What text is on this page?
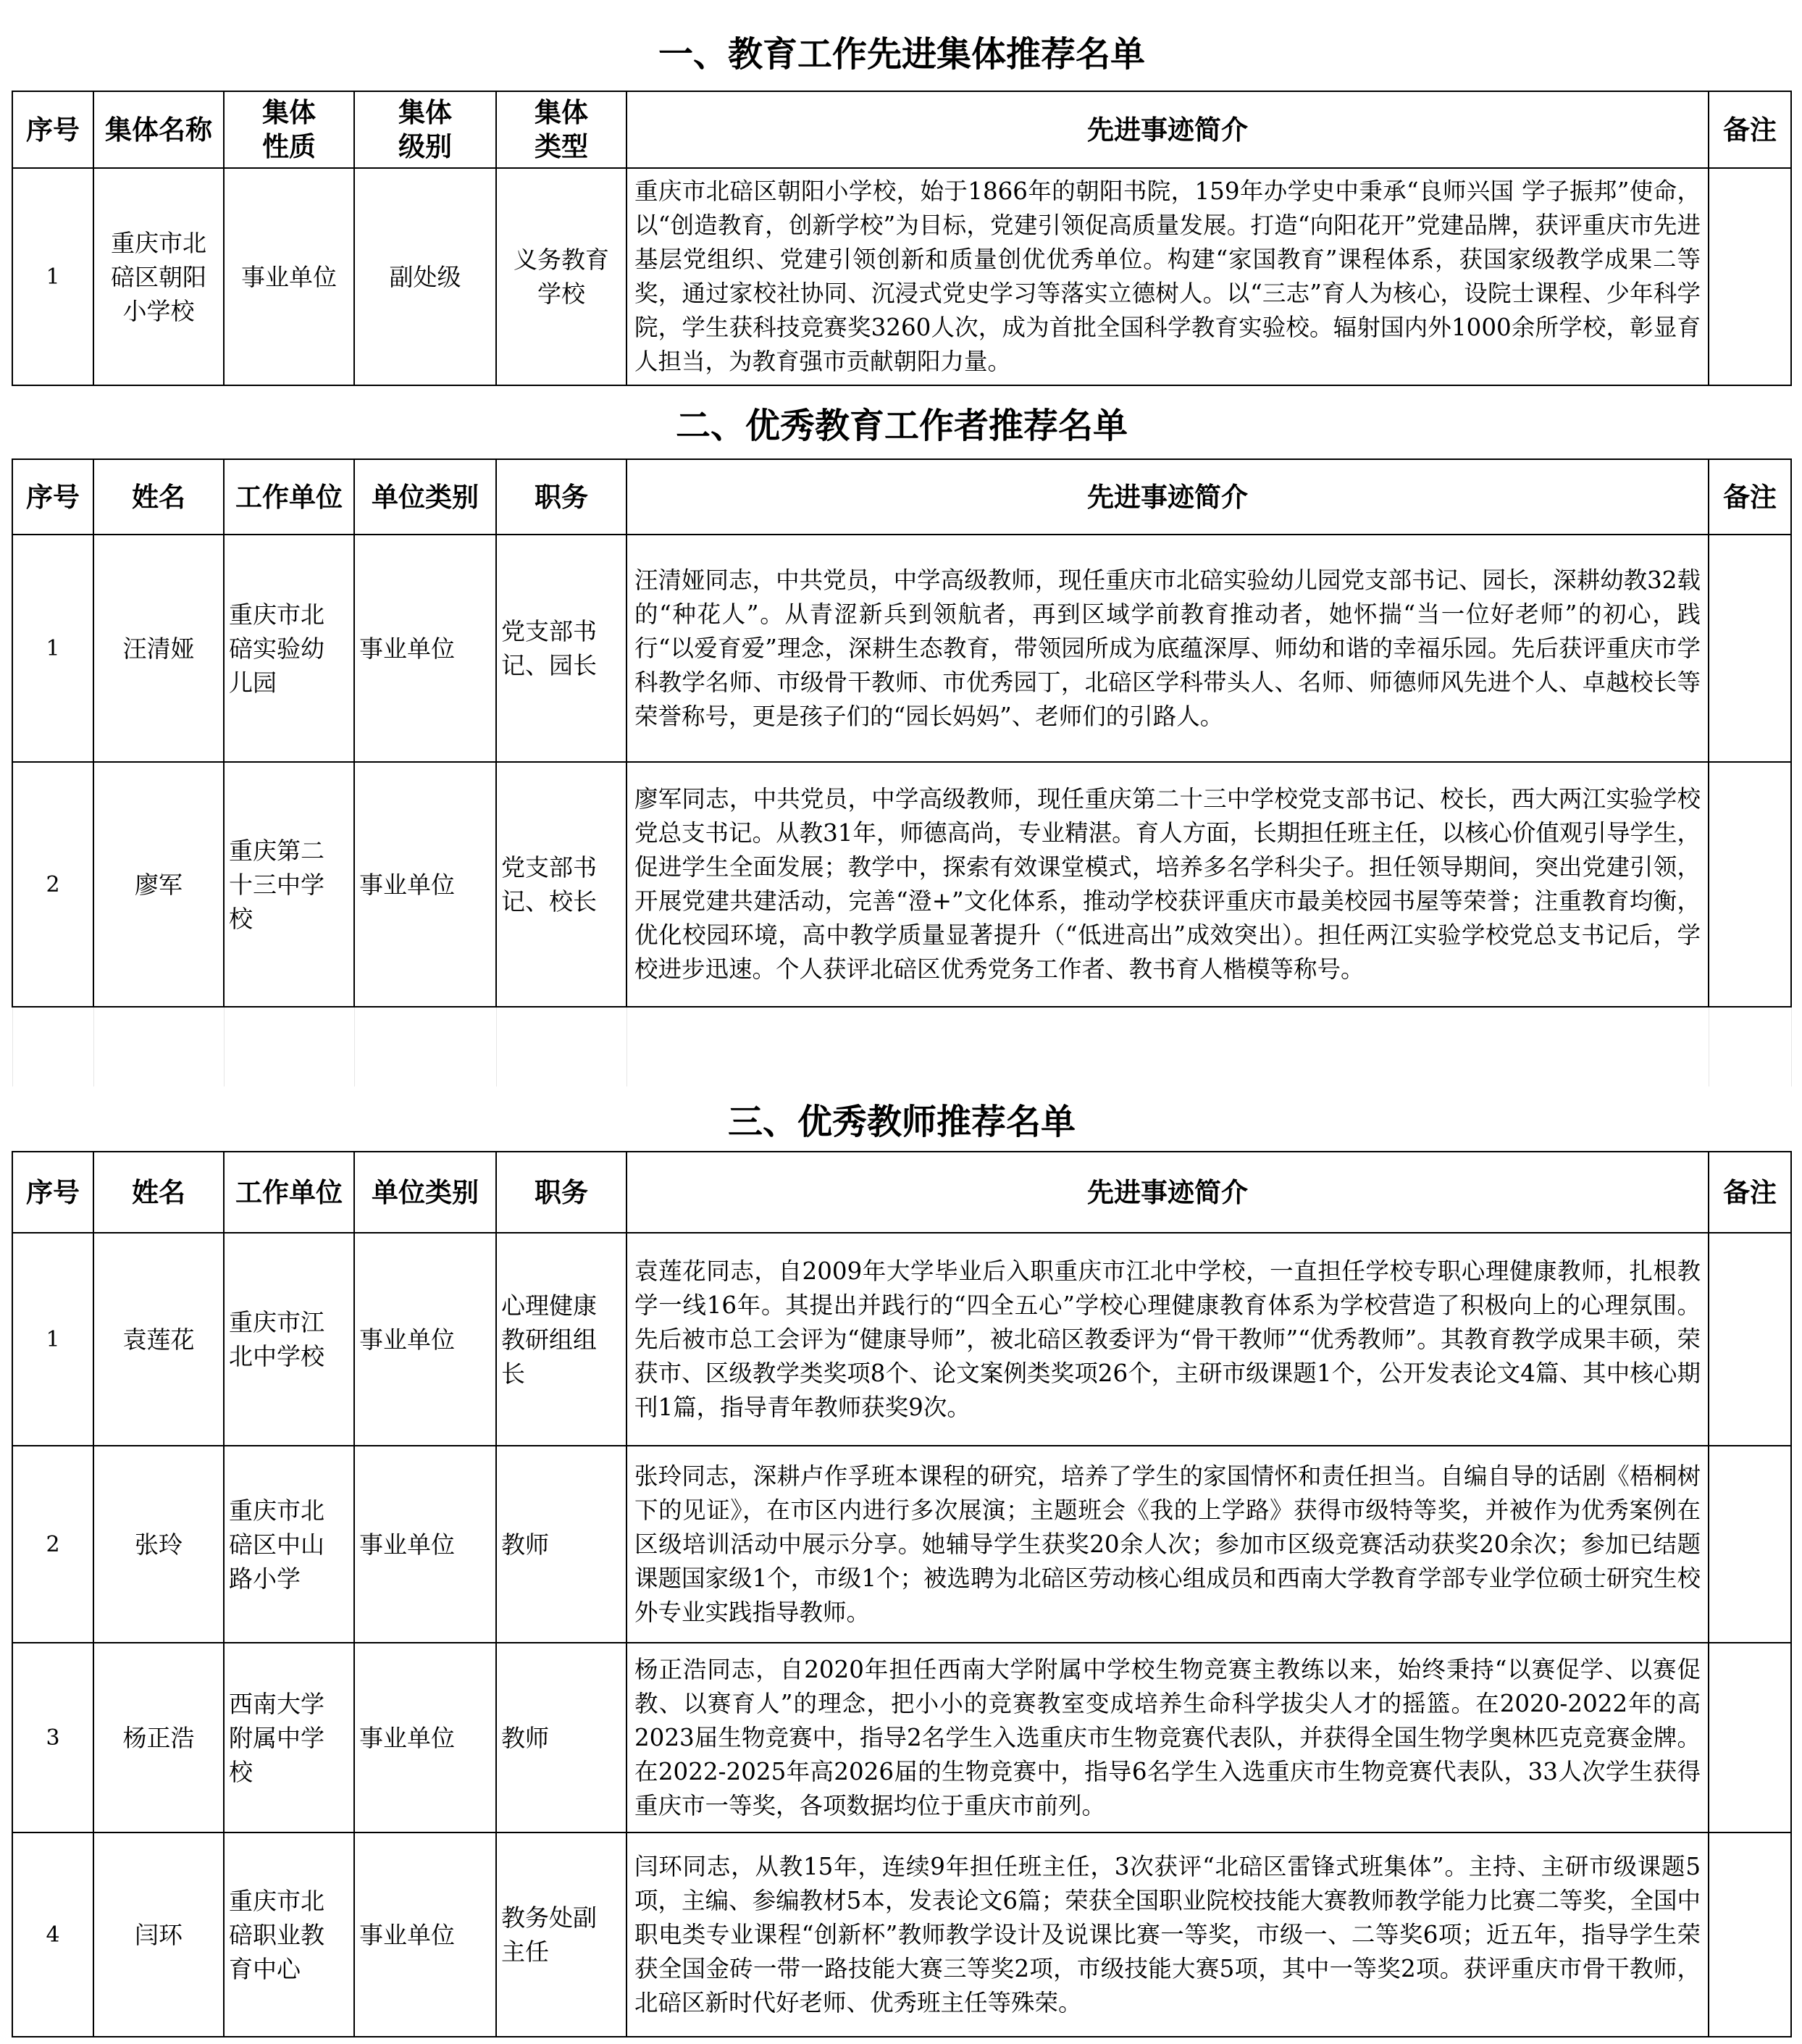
一、教育工作先进集体推荐名单						
序号	集体名称	集体性质	集体级别	集体类型	先进事迹简介	备注
1	重庆市北碚区朝阳小学校	事业单位	副处级	义务教育学校	重庆市北碚区朝阳小学校，始于1866年的朝阳书院，159年办学史中秉承“良师兴国 学子振邦”使命，以“创造教育，创新学校”为目标，党建引领促高质量发展。打造“向阳花开”党建品牌，获评重庆市先进基层党组织、党建引领创新和质量创优优秀单位。构建“家国教育”课程体系，获国家级教学成果二等奖，通过家校社协同、沉浸式党史学习等落实立德树人。以“三志”育人为核心，设院士课程、少年科学院，学生获科技竞赛奖3260人次，成为首批全国科学教育实验校。辐射国内外1000余所学校，彰显育人担当，为教育强市贡献朝阳力量。	
二、优秀教育工作者推荐名单						
序号	姓名	工作单位	单位类别	职务	先进事迹简介	备注
1	汪清娅	重庆市北碚实验幼儿园	事业单位	党支部书记、园长	汪清娅同志，中共党员，中学高级教师，现任重庆市北碚实验幼儿园党支部书记、园长，深耕幼教32载的“种花人”。从青涩新兵到领航者，再到区域学前教育推动者，她怀揣“当一位好老师”的初心，践行“以爱育爱”理念，深耕生态教育，带领园所成为底蕴深厚、师幼和谐的幸福乐园。先后获评重庆市学科教学名师、市级骨干教师、市优秀园丁，北碚区学科带头人、名师、师德师风先进个人、卓越校长等荣誉称号，更是孩子们的“园长妈妈”、老师们的引路人。	
2	廖军	重庆第二十三中学校	事业单位	党支部书记、校长	廖军同志，中共党员，中学高级教师，现任重庆第二十三中学校党支部书记、校长，西大两江实验学校党总支书记。从教31年，师德高尚，专业精湛。育人方面，长期担任班主任，以核心价值观引导学生，促进学生全面发展；教学中，探索有效课堂模式，培养多名学科尖子。担任领导期间，突出党建引领，开展党建共建活动，完善“澄+”文化体系，推动学校获评重庆市最美校园书屋等荣誉；注重教育均衡，优化校园环境，高中教学质量显著提升（“低进高出”成效突出）。担任两江实验学校党总支书记后，学校进步迅速。个人获评北碚区优秀党务工作者、教书育人楷模等称号。	

三、优秀教师推荐名单						
序号	姓名	工作单位	单位类别	职务	先进事迹简介	备注
1	袁莲花	重庆市江北中学校	事业单位	心理健康教研组组长	袁莲花同志，自2009年大学毕业后入职重庆市江北中学校，一直担任学校专职心理健康教师，扎根教学一线16年。其提出并践行的“四全五心”学校心理健康教育体系为学校营造了积极向上的心理氛围。先后被市总工会评为“健康导师”，被北碚区教委评为“骨干教师”“优秀教师”。其教育教学成果丰硕，荣获市、区级教学类奖项8个、论文案例类奖项26个，主研市级课题1个，公开发表论文4篇、其中核心期刊1篇，指导青年教师获奖9次。	
2	张玲	重庆市北碚区中山路小学	事业单位	教师	张玲同志，深耕卢作孚班本课程的研究，培养了学生的家国情怀和责任担当。自编自导的话剧《梧桐树下的见证》，在市区内进行多次展演；主题班会《我的上学路》获得市级特等奖，并被作为优秀案例在区级培训活动中展示分享。她辅导学生获奖20余人次；参加市区级竞赛活动获奖20余次；参加已结题课题国家级1个，市级1个；被选聘为北碚区劳动核心组成员和西南大学教育学部专业学位硕士研究生校外专业实践指导教师。	
3	杨正浩	西南大学附属中学校	事业单位	教师	杨正浩同志，自2020年担任西南大学附属中学校生物竞赛主教练以来，始终秉持“以赛促学、以赛促教、以赛育人”的理念，把小小的竞赛教室变成培养生命科学拔尖人才的摇篮。在2020-2022年的高2023届生物竞赛中，指导2名学生入选重庆市生物竞赛代表队，并获得全国生物学奥林匹克竞赛金牌。在2022-2025年高2026届的生物竞赛中，指导6名学生入选重庆市生物竞赛代表队，33人次学生获得重庆市一等奖，各项数据均位于重庆市前列。	
4	闫环	重庆市北碚职业教育中心	事业单位	教务处副主任	闫环同志，从教15年，连续9年担任班主任，3次获评“北碚区雷锋式班集体”。主持、主研市级课题5项，主编、参编教材5本，发表论文6篇；荣获全国职业院校技能大赛教师教学能力比赛二等奖，全国中职电类专业课程“创新杯”教师教学设计及说课比赛一等奖，市级一、二等奖6项；近五年，指导学生荣获全国金砖一带一路技能大赛三等奖2项，市级技能大赛5项，其中一等奖2项。获评重庆市骨干教师，北碚区新时代好老师、优秀班主任等殊荣。	
